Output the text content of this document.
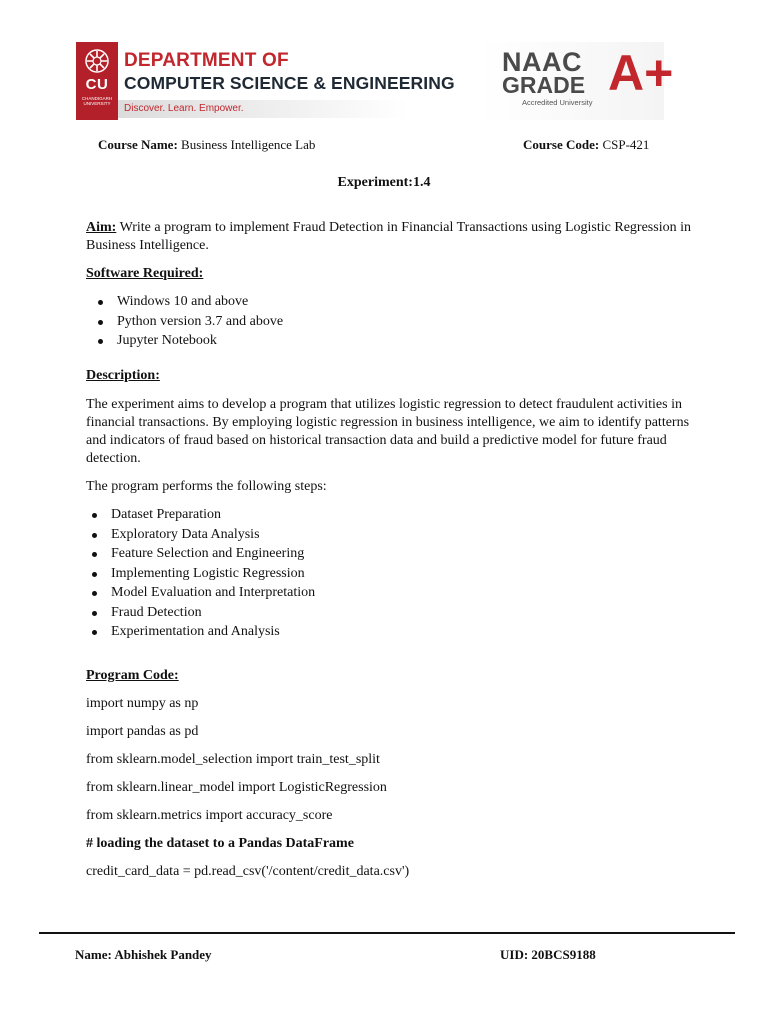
CU
CHANDIGARH UNIVERSITY
DEPARTMENT OF
COMPUTER SCIENCE & ENGINEERING
Discover. Learn. Empower.
NAAC
GRADE A+
Accredited University
Course Name: Business Intelligence Lab	Course Code: CSP-421
Experiment:1.4
Aim: Write a program to implement Fraud Detection in Financial Transactions using Logistic Regression in Business Intelligence.
Software Required:
Windows 10 and above
Python version 3.7 and above
Jupyter Notebook
Description:
The experiment aims to develop a program that utilizes logistic regression to detect fraudulent activities in financial transactions. By employing logistic regression in business intelligence, we aim to identify patterns and indicators of fraud based on historical transaction data and build a predictive model for future fraud detection.
The program performs the following steps:
Dataset Preparation
Exploratory Data Analysis
Feature Selection and Engineering
Implementing Logistic Regression
Model Evaluation and Interpretation
Fraud Detection
Experimentation and Analysis
Program Code:
import numpy as np
import pandas as pd
from sklearn.model_selection import train_test_split
from sklearn.linear_model import LogisticRegression
from sklearn.metrics import accuracy_score
# loading the dataset to a Pandas DataFrame
credit_card_data = pd.read_csv('/content/credit_data.csv')
Name: Abhishek Pandey	UID: 20BCS9188
